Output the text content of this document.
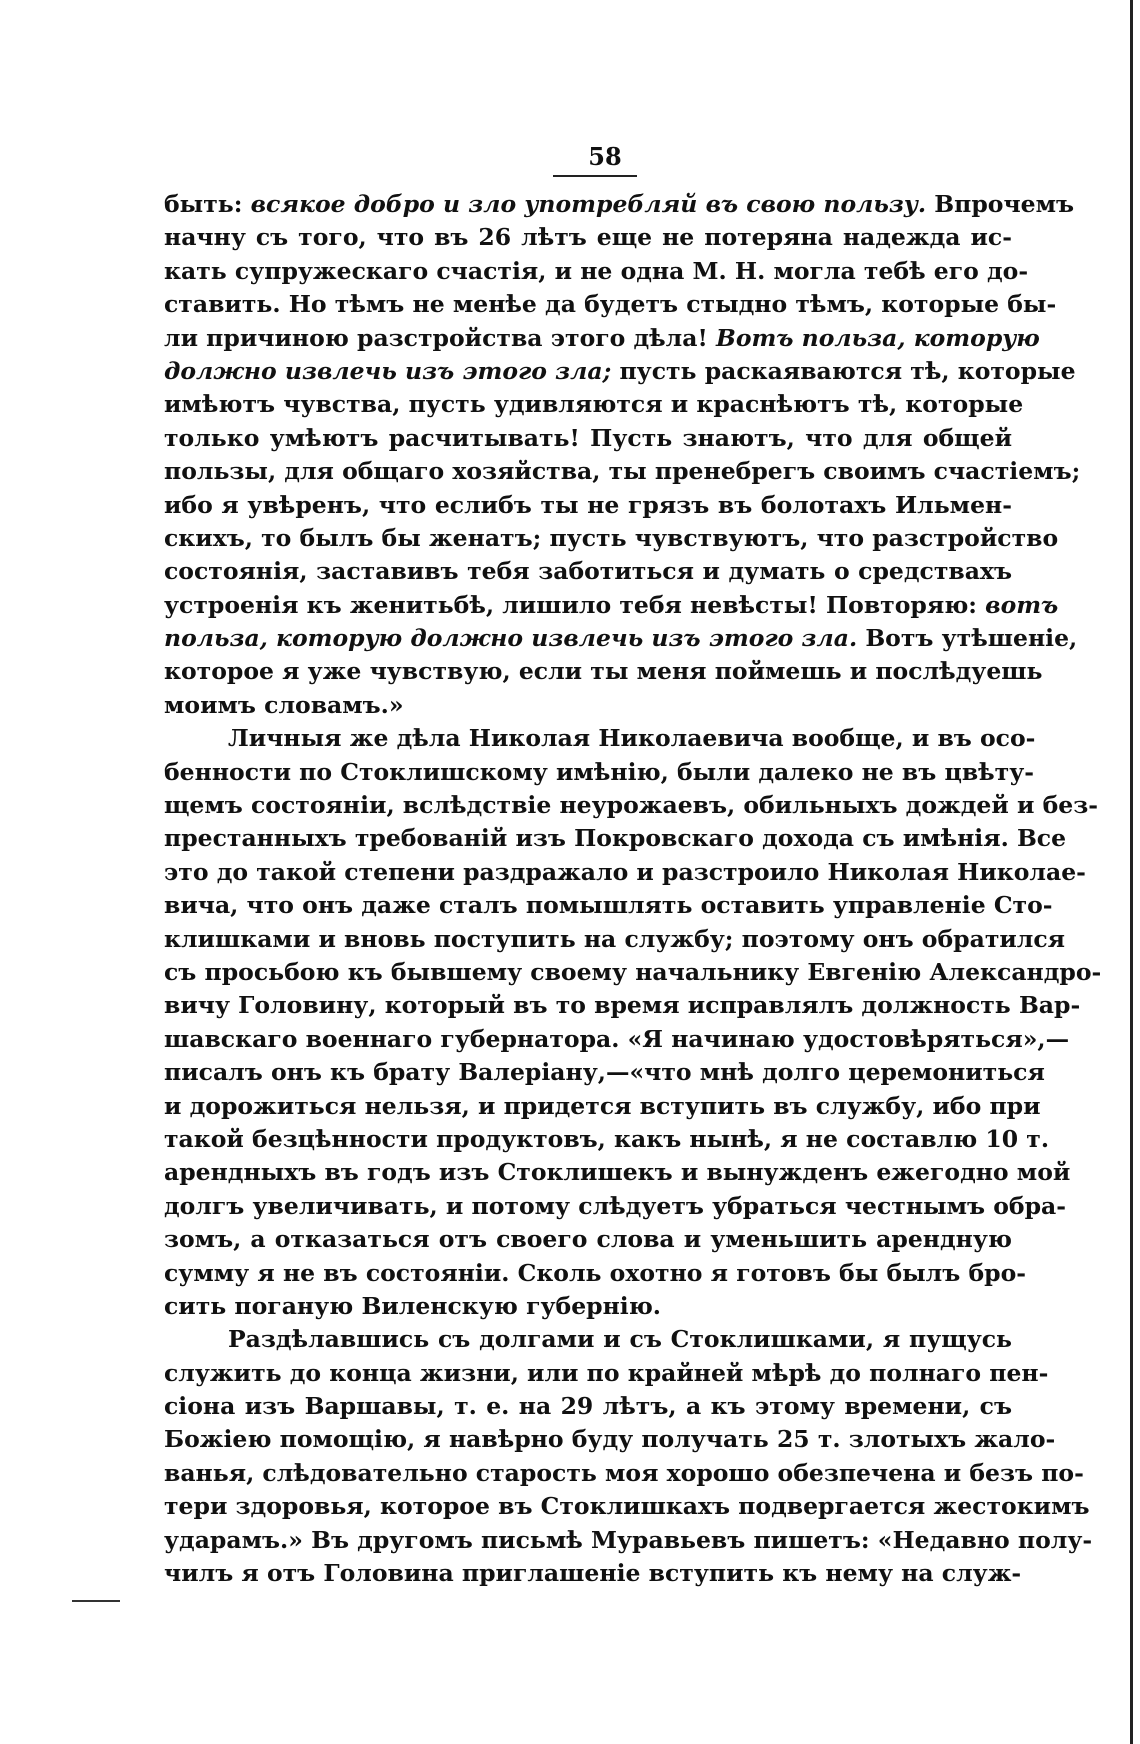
58
быть: всякое добро и зло употребляй въ свою пользу. Впрочемъ
начну съ того, что въ 26 лѣтъ еще не потеряна надежда ис-
кать супружескаго счастія, и не одна М. Н. могла тебѣ его до-
ставить. Но тѣмъ не менѣе да будетъ стыдно тѣмъ, которые бы-
ли причиною разстройства этого дѣла! Вотъ польза, которую
должно извлечь изъ этого зла; пусть раскаяваются тѣ, которые
имѣютъ чувства, пусть удивляются и краснѣютъ тѣ, которые
только умѣютъ расчитывать! Пусть знаютъ, что для общей
пользы, для общаго хозяйства, ты пренебрегъ своимъ счастіемъ;
ибо я увѣренъ, что еслибъ ты не грязъ въ болотахъ Ильмен-
скихъ, то былъ бы женатъ; пусть чувствуютъ, что разстройство
состоянія, заставивъ тебя заботиться и думать о средствахъ
устроенія къ женитьбѣ, лишило тебя невѣсты! Повторяю: вотъ
польза, которую должно извлечь изъ этого зла. Вотъ утѣшеніе,
которое я уже чувствую, если ты меня поймешь и послѣдуешь
моимъ словамъ.»
Личныя же дѣла Николая Николаевича вообще, и въ осо-
бенности по Стоклишскому имѣнію, были далеко не въ цвѣту-
щемъ состояніи, вслѣдствіе неурожаевъ, обильныхъ дождей и без-
престанныхъ требованій изъ Покровскаго дохода съ имѣнія. Все
это до такой степени раздражало и разстроило Николая Николае-
вича, что онъ даже сталъ помышлять оставить управленіе Сто-
клишками и вновь поступить на службу; поэтому онъ обратился
съ просьбою къ бывшему своему начальнику Евгенію Александро-
вичу Головину, который въ то время исправлялъ должность Вар-
шавскаго военнаго губернатора. «Я начинаю удостовѣряться»,—
писалъ онъ къ брату Валеріану,—«что мнѣ долго церемониться
и дорожиться нельзя, и придется вступить въ службу, ибо при
такой безцѣнности продуктовъ, какъ нынѣ, я не составлю 10 т.
арендныхъ въ годъ изъ Стоклишекъ и вынужденъ ежегодно мой
долгъ увеличивать, и потому слѣдуетъ убраться честнымъ обра-
зомъ, а отказаться отъ своего слова и уменьшить арендную
сумму я не въ состояніи. Сколь охотно я готовъ бы былъ бро-
сить поганую Виленскую губернію.
Раздѣлавшись съ долгами и съ Стоклишками, я пущусь
служить до конца жизни, или по крайней мѣрѣ до полнаго пен-
сіона изъ Варшавы, т. е. на 29 лѣтъ, а къ этому времени, съ
Божіею помощію, я навѣрно буду получать 25 т. злотыхъ жало-
ванья, слѣдовательно старость моя хорошо обезпечена и безъ по-
тери здоровья, которое въ Стоклишкахъ подвергается жестокимъ
ударамъ.» Въ другомъ письмѣ Муравьевъ пишетъ: «Недавно полу-
чилъ я отъ Головина приглашеніе вступить къ нему на служ-
